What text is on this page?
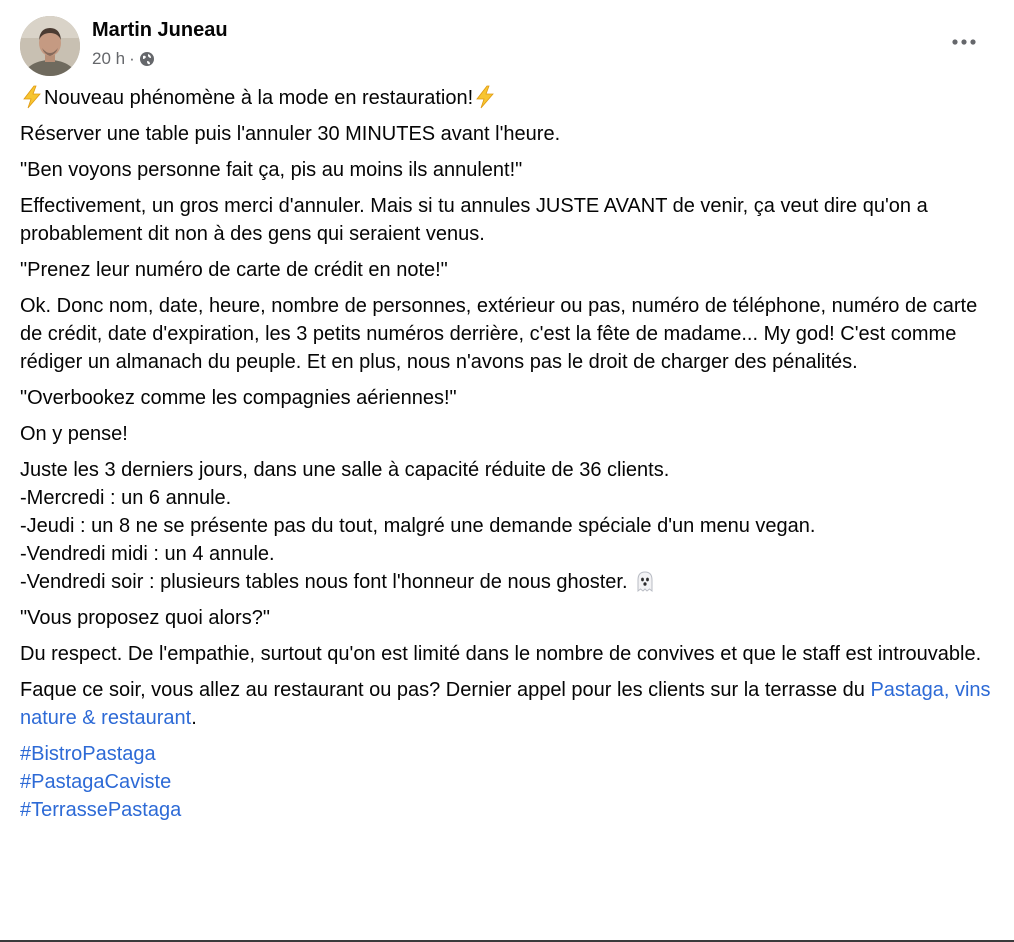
Martin Juneau
20 h ·

Nouveau phénomène à la mode en restauration!

Réserver une table puis l'annuler 30 MINUTES avant l'heure.

"Ben voyons personne fait ça, pis au moins ils annulent!"

Effectivement, un gros merci d'annuler. Mais si tu annules JUSTE AVANT de venir, ça veut dire qu'on a probablement dit non à des gens qui seraient venus.

"Prenez leur numéro de carte de crédit en note!"

Ok. Donc nom, date, heure, nombre de personnes, extérieur ou pas, numéro de téléphone, numéro de carte de crédit, date d'expiration, les 3 petits numéros derrière, c'est la fête de madame... My god! C'est comme rédiger un almanach du peuple. Et en plus, nous n'avons pas le droit de charger des pénalités.

"Overbookez comme les compagnies aériennes!"

On y pense!

Juste les 3 derniers jours, dans une salle à capacité réduite de 36 clients.
-Mercredi : un 6 annule.
-Jeudi : un 8 ne se présente pas du tout, malgré une demande spéciale d'un menu vegan.
-Vendredi midi : un 4 annule.
-Vendredi soir : plusieurs tables nous font l'honneur de nous ghoster.

"Vous proposez quoi alors?"

Du respect. De l'empathie, surtout qu'on est limité dans le nombre de convives et que le staff est introuvable.

Faque ce soir, vous allez au restaurant ou pas? Dernier appel pour les clients sur la terrasse du Pastaga, vins nature & restaurant.

#BistroPastaga
#PastagaCaviste
#TerrassePastaga
